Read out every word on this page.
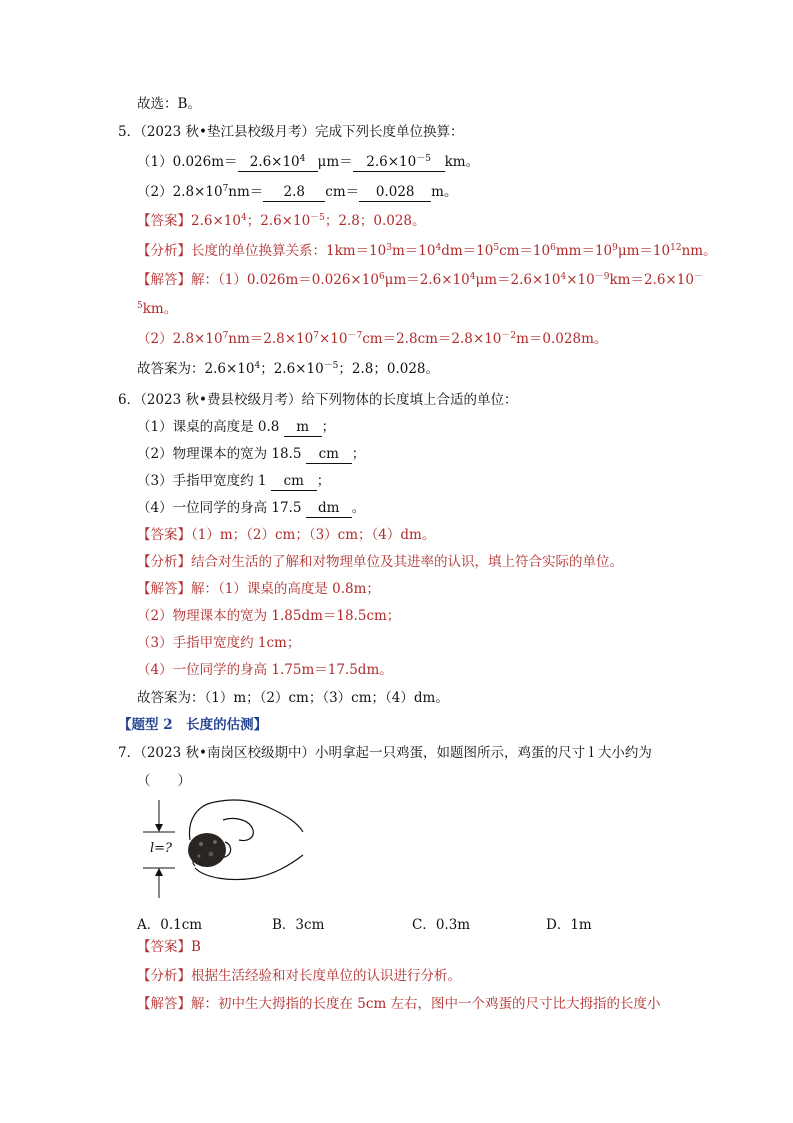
故选：B。
5．（2023 秋•垫江县校级月考）完成下列长度单位换算：
$(1)0.026m= 2.6\times 10^4$ $\mu m= 2.6\times 10^{-5}$ km。
$(2)2.8\times 10^7nm= 2.8$ cm＝ 0.028 m。
【答案】$2.6\times 10^4$；$2.6\times 10^{-5}$；2.8；0.028。
【分析】长度的单位换算关系：$1km=10^3m=10^4dm=10^5cm=10^6mm=10^9\mu m=10^{12}nm$。
【解答】解：$(1)0.026m=0.026\times 10^6\mu m=2.6\times 10^4\mu m=2.6\times 10^4\times 10^{-9}km=2.6\times 10^-$
$^5$km。
$(2)2.8\times 10^7nm=2.8\times 10^7\times 10^{-7}cm=2.8cm=2.8\times 10^{-2}m=0.028m$。
故答案为：$2.6\times 10^4$；$2.6\times 10^{-5}$；2.8；0.028。
6．（2023 秋•费县校级月考）给下列物体的长度填上合适的单位：
（1）课桌的高度是 0.8 m ；
（2）物理课本的宽为 18.5 cm ；
（3）手指甲宽度约 1 cm ；
（4）一位同学的身高 17.5 dm 。
【答案】（1）m；（2）cm；（3）cm；（4）dm。
【分析】结合对生活的了解和对物理单位及其进率的认识，填上符合实际的单位。
【解答】解：（1）课桌的高度是 0.8m；
（2）物理课本的宽为 1.85dm＝18.5cm；
（3）手指甲宽度约 1cm；
（4）一位同学的身高 1.75m＝17.5dm。
故答案为：（1）m；（2）cm；（3）cm；（4）dm。
【题型 2　长度的估测】
7．（2023 秋•南岗区校级期中）小明拿起一只鸡蛋，如题图所示，鸡蛋的尺寸 l 大小约为
（　　）
l=?
A．0.1cm	B．3cm	C．0.3m	D．1m
【答案】B
【分析】根据生活经验和对长度单位的认识进行分析。
【解答】解：初中生大拇指的长度在 5cm 左右，图中一个鸡蛋的尺寸比大拇指的长度小
